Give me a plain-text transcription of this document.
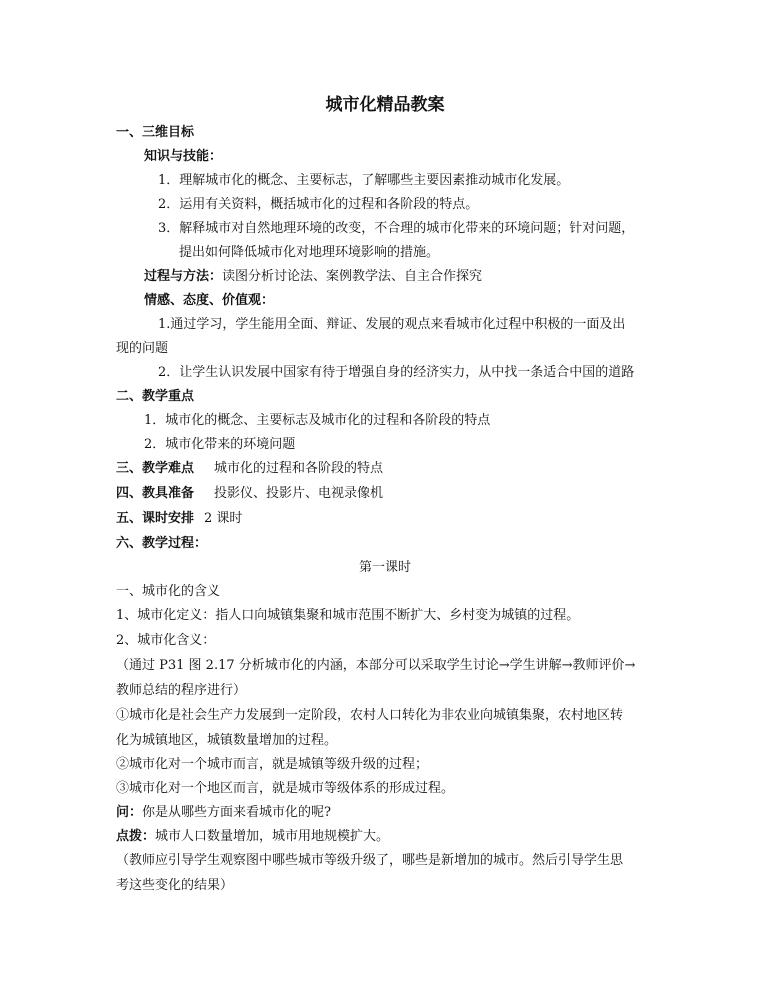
城市化精品教案
一、三维目标
知识与技能：
1．理解城市化的概念、主要标志，了解哪些主要因素推动城市化发展。
2．运用有关资料，概括城市化的过程和各阶段的特点。
3．解释城市对自然地理环境的改变，不合理的城市化带来的环境问题；针对问题，
提出如何降低城市化对地理环境影响的措施。
过程与方法：读图分析讨论法、案例教学法、自主合作探究
情感、态度、价值观：
1.通过学习，学生能用全面、辩证、发展的观点来看城市化过程中积极的一面及出
现的问题
2．让学生认识发展中国家有待于增强自身的经济实力，从中找一条适合中国的道路
二、教学重点
1．城市化的概念、主要标志及城市化的过程和各阶段的特点
2．城市化带来的环境问题
三、教学难点 城市化的过程和各阶段的特点
四、教具准备 投影仪、投影片、电视录像机
五、课时安排 2 课时
六、教学过程：
第一课时
一、城市化的含义
1、城市化定义：指人口向城镇集聚和城市范围不断扩大、乡村变为城镇的过程。
2、城市化含义：
（通过 P31 图 2.17 分析城市化的内涵，本部分可以采取学生讨论→学生讲解→教师评价→
教师总结的程序进行）
①城市化是社会生产力发展到一定阶段，农村人口转化为非农业向城镇集聚，农村地区转
化为城镇地区，城镇数量增加的过程。
②城市化对一个城市而言，就是城镇等级升级的过程；
③城市化对一个地区而言，就是城市等级体系的形成过程。
问：你是从哪些方面来看城市化的呢?
点拨：城市人口数量增加，城市用地规模扩大。
（教师应引导学生观察图中哪些城市等级升级了，哪些是新增加的城市。然后引导学生思
考这些变化的结果）
